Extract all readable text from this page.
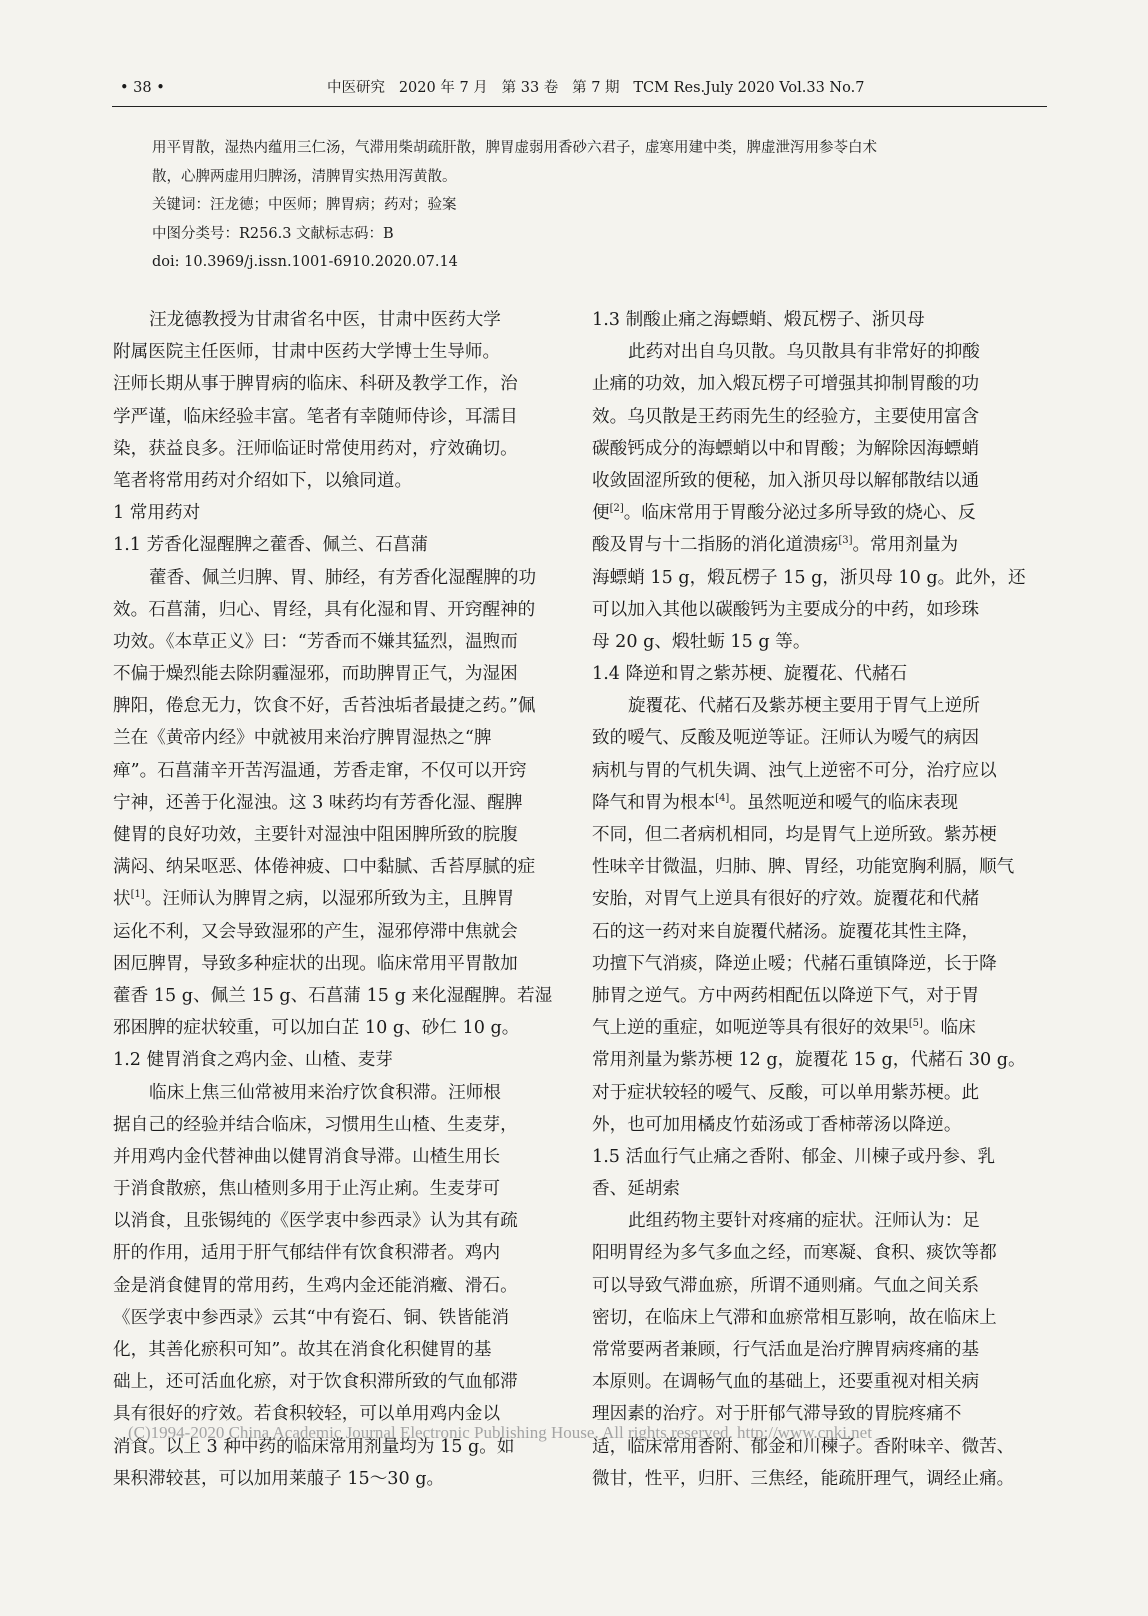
• 38 •	中医研究   2020 年 7 月   第 33 卷   第 7 期   TCM Res.July 2020 Vol.33 No.7
用平胃散，湿热内蕴用三仁汤，气滞用柴胡疏肝散，脾胃虚弱用香砂六君子，虚寒用建中类，脾虚泄泻用参苓白术
散，心脾两虚用归脾汤，清脾胃实热用泻黄散。
关键词：汪龙德；中医师；脾胃病；药对；验案
中图分类号：R256.3 文献标志码：B
doi: 10.3969/j.issn.1001-6910.2020.07.14
汪龙德教授为甘肃省名中医，甘肃中医药大学
附属医院主任医师，甘肃中医药大学博士生导师。
汪师长期从事于脾胃病的临床、科研及教学工作，治
学严谨，临床经验丰富。笔者有幸随师侍诊，耳濡目
染，获益良多。汪师临证时常使用药对，疗效确切。
笔者将常用药对介绍如下，以飨同道。
1 常用药对
1.1 芳香化湿醒脾之藿香、佩兰、石菖蒲
藿香、佩兰归脾、胃、肺经，有芳香化湿醒脾的功
效。石菖蒲，归心、胃经，具有化湿和胃、开窍醒神的
功效。《本草正义》曰：“芳香而不嫌其猛烈，温煦而
不偏于燥烈能去除阴霾湿邪，而助脾胃正气，为湿困
脾阳，倦怠无力，饮食不好，舌苔浊垢者最捷之药。”佩
兰在《黄帝内经》中就被用来治疗脾胃湿热之“脾
瘅”。石菖蒲辛开苦泻温通，芳香走窜，不仅可以开窍
宁神，还善于化湿浊。这 3 味药均有芳香化湿、醒脾
健胃的良好功效，主要针对湿浊中阻困脾所致的脘腹
满闷、纳呆呕恶、体倦神疲、口中黏腻、舌苔厚腻的症
状[1]。汪师认为脾胃之病，以湿邪所致为主，且脾胃
运化不利，又会导致湿邪的产生，湿邪停滞中焦就会
困厄脾胃，导致多种症状的出现。临床常用平胃散加
藿香 15 g、佩兰 15 g、石菖蒲 15 g 来化湿醒脾。若湿
邪困脾的症状较重，可以加白芷 10 g、砂仁 10 g。
1.2 健胃消食之鸡内金、山楂、麦芽
临床上焦三仙常被用来治疗饮食积滞。汪师根
据自己的经验并结合临床，习惯用生山楂、生麦芽，
并用鸡内金代替神曲以健胃消食导滞。山楂生用长
于消食散瘀，焦山楂则多用于止泻止痢。生麦芽可
以消食，且张锡纯的《医学衷中参西录》认为其有疏
肝的作用，适用于肝气郁结伴有饮食积滞者。鸡内
金是消食健胃的常用药，生鸡内金还能消癥、滑石。
《医学衷中参西录》云其“中有瓷石、铜、铁皆能消
化，其善化瘀积可知”。故其在消食化积健胃的基
础上，还可活血化瘀，对于饮食积滞所致的气血郁滞
具有很好的疗效。若食积较轻，可以单用鸡内金以
消食。以上 3 种中药的临床常用剂量均为 15 g。如
果积滞较甚，可以加用莱菔子 15～30 g。
1.3 制酸止痛之海螵蛸、煅瓦楞子、浙贝母
此药对出自乌贝散。乌贝散具有非常好的抑酸
止痛的功效，加入煅瓦楞子可增强其抑制胃酸的功
效。乌贝散是王药雨先生的经验方，主要使用富含
碳酸钙成分的海螵蛸以中和胃酸；为解除因海螵蛸
收敛固涩所致的便秘，加入浙贝母以解郁散结以通
便[2]。临床常用于胃酸分泌过多所导致的烧心、反
酸及胃与十二指肠的消化道溃疡[3]。常用剂量为
海螵蛸 15 g，煅瓦楞子 15 g，浙贝母 10 g。此外，还
可以加入其他以碳酸钙为主要成分的中药，如珍珠
母 20 g、煅牡蛎 15 g 等。
1.4 降逆和胃之紫苏梗、旋覆花、代赭石
旋覆花、代赭石及紫苏梗主要用于胃气上逆所
致的嗳气、反酸及呃逆等证。汪师认为嗳气的病因
病机与胃的气机失调、浊气上逆密不可分，治疗应以
降气和胃为根本[4]。虽然呃逆和嗳气的临床表现
不同，但二者病机相同，均是胃气上逆所致。紫苏梗
性味辛甘微温，归肺、脾、胃经，功能宽胸利膈，顺气
安胎，对胃气上逆具有很好的疗效。旋覆花和代赭
石的这一药对来自旋覆代赭汤。旋覆花其性主降，
功擅下气消痰，降逆止嗳；代赭石重镇降逆，长于降
肺胃之逆气。方中两药相配伍以降逆下气，对于胃
气上逆的重症，如呃逆等具有很好的效果[5]。临床
常用剂量为紫苏梗 12 g，旋覆花 15 g，代赭石 30 g。
对于症状较轻的嗳气、反酸，可以单用紫苏梗。此
外，也可加用橘皮竹茹汤或丁香柿蒂汤以降逆。
1.5 活血行气止痛之香附、郁金、川楝子或丹参、乳
香、延胡索
此组药物主要针对疼痛的症状。汪师认为：足
阳明胃经为多气多血之经，而寒凝、食积、痰饮等都
可以导致气滞血瘀，所谓不通则痛。气血之间关系
密切，在临床上气滞和血瘀常相互影响，故在临床上
常常要两者兼顾，行气活血是治疗脾胃病疼痛的基
本原则。在调畅气血的基础上，还要重视对相关病
理因素的治疗。对于肝郁气滞导致的胃脘疼痛不
适，临床常用香附、郁金和川楝子。香附味辛、微苦、
微甘，性平，归肝、三焦经，能疏肝理气，调经止痛。
(C)1994-2020 China Academic Journal Electronic Publishing House. All rights reserved. http://www.cnki.net
